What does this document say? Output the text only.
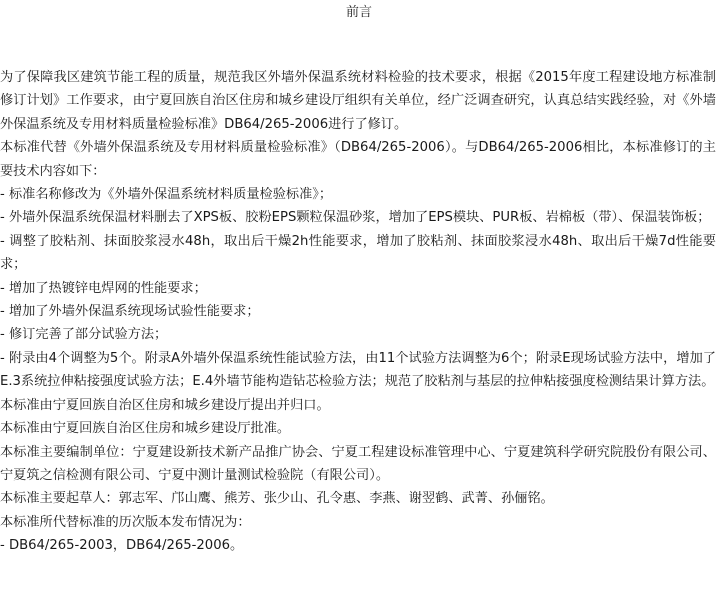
前言

为了保障我区建筑节能工程的质量，规范我区外墙外保温系统材料检验的技术要求，根据《2015年度工程建设地方标准制修订计划》工作要求，由宁夏回族自治区住房和城乡建设厅组织有关单位，经广泛调查研究，认真总结实践经验，对《外墙外保温系统及专用材料质量检验标准》DB64/265-2006进行了修订。

本标准代替《外墙外保温系统及专用材料质量检验标准》（DB64/265-2006）。与DB64/265-2006相比，本标准修订的主要技术内容如下：

- 标准名称修改为《外墙外保温系统材料质量检验标准》；

- 外墙外保温系统保温材料删去了XPS板、胶粉EPS颗粒保温砂浆，增加了EPS模块、PUR板、岩棉板（带）、保温装饰板；

- 调整了胶粘剂、抹面胶浆浸水48h，取出后干燥2h性能要求，增加了胶粘剂、抹面胶浆浸水48h、取出后干燥7d性能要求；

- 增加了热镀锌电焊网的性能要求；

- 增加了外墙外保温系统现场试验性能要求；

- 修订完善了部分试验方法；

- 附录由4个调整为5个。附录A外墙外保温系统性能试验方法，由11个试验方法调整为6个；附录E现场试验方法中，增加了E.3系统拉伸粘接强度试验方法；E.4外墙节能构造钻芯检验方法；规范了胶粘剂与基层的拉伸粘接强度检测结果计算方法。

本标准由宁夏回族自治区住房和城乡建设厅提出并归口。

本标准由宁夏回族自治区住房和城乡建设厅批准。

本标准主要编制单位：宁夏建设新技术新产品推广协会、宁夏工程建设标准管理中心、宁夏建筑科学研究院股份有限公司、宁夏筑之信检测有限公司、宁夏中测计量测试检验院（有限公司）。

本标准主要起草人：郭志军、邝山鹰、熊芳、张少山、孔令惠、李燕、谢翌鹤、武菁、孙俪铭。

本标准所代替标准的历次版本发布情况为：

- DB64/265-2003，DB64/265-2006。
